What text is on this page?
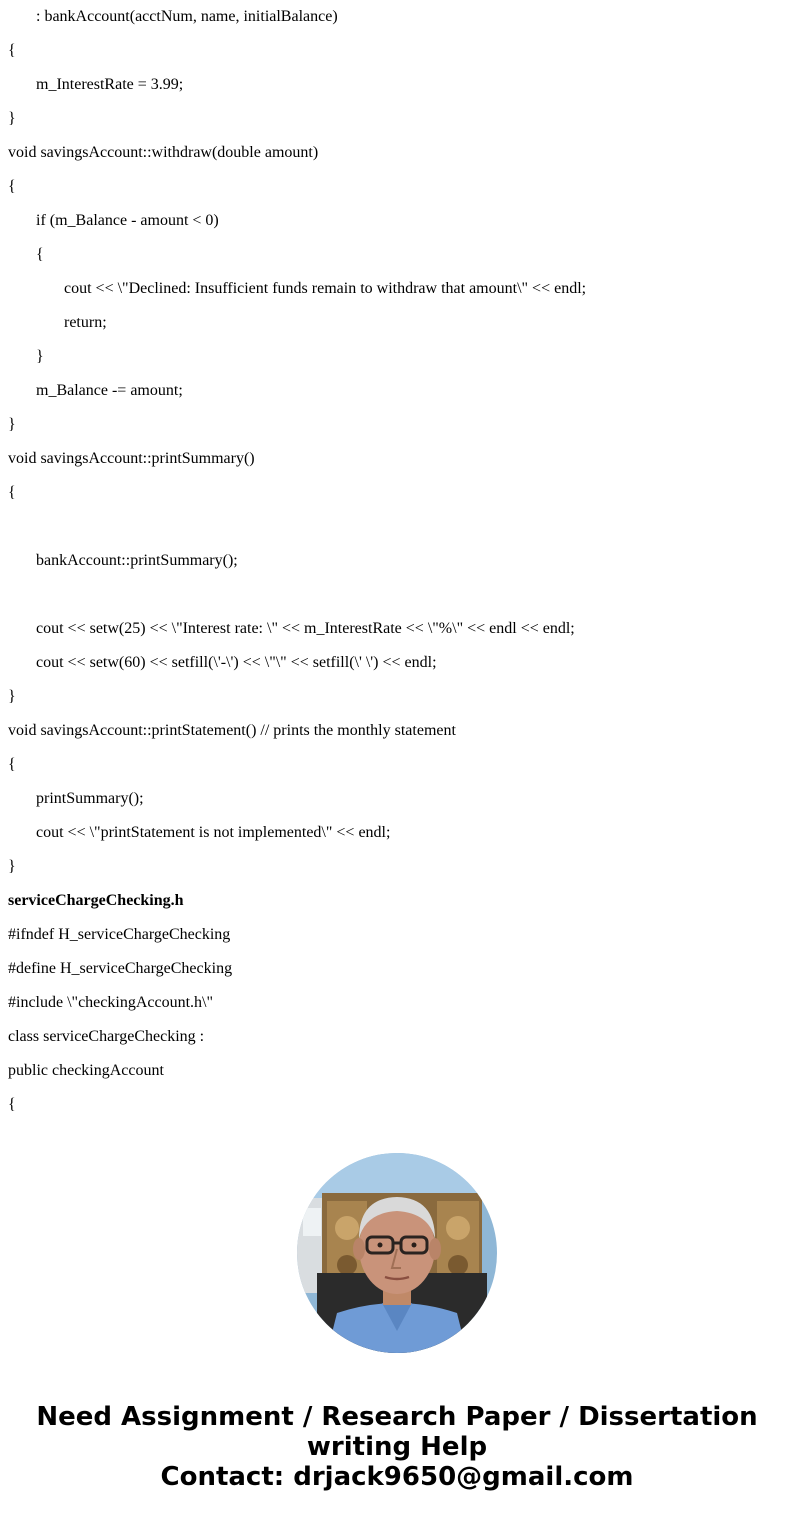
: bankAccount(acctNum, name, initialBalance)
{
m_InterestRate = 3.99;
}
void savingsAccount::withdraw(double amount)
{
if (m_Balance - amount < 0)
{
cout << \"Declined: Insufficient funds remain to withdraw that amount\" << endl;
return;
}
m_Balance -= amount;
}
void savingsAccount::printSummary()
{
bankAccount::printSummary();
cout << setw(25) << \"Interest rate: \" << m_InterestRate << \"%\" << endl << endl;
cout << setw(60) << setfill(\'-\') << \"\" << setfill(\' \') << endl;
}
void savingsAccount::printStatement() // prints the monthly statement
{
printSummary();
cout << \"printStatement is not implemented\" << endl;
}
serviceChargeChecking.h
#ifndef H_serviceChargeChecking
#define H_serviceChargeChecking
#include \"checkingAccount.h\"
class serviceChargeChecking :
public checkingAccount
{
Need Assignment / Research Paper / Dissertation
writing Help
Contact: drjack9650@gmail.com
